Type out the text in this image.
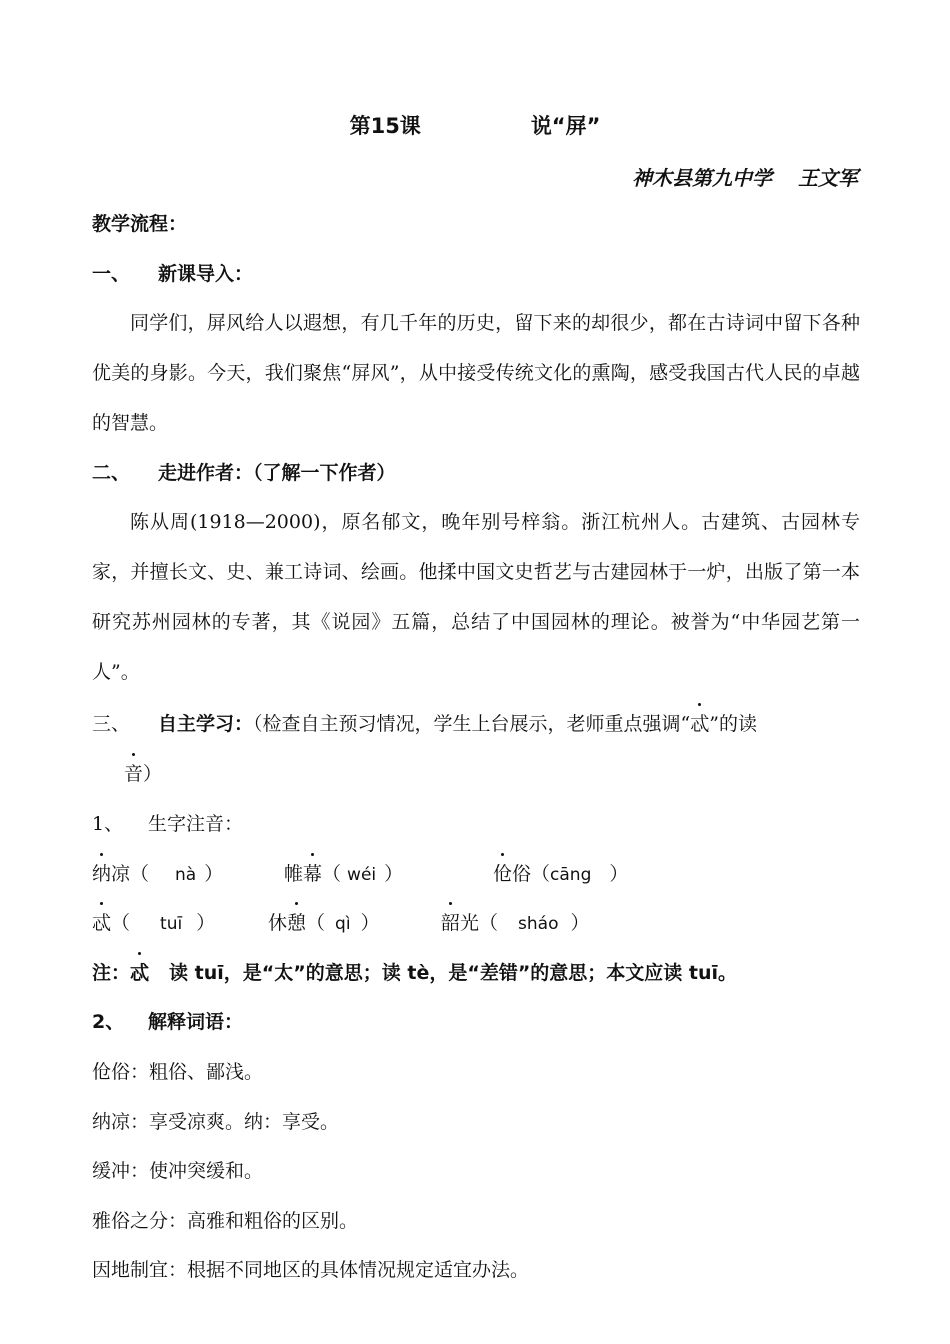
第15课	说“屏”
神木县第九中学 王文军
教学流程：
一、 新课导入：
同学们，屏风给人以遐想，有几千年的历史，留下来的却很少，都在古诗词中留下各种优美的身影。今天，我们聚焦“屏风”，从中接受传统文化的熏陶，感受我国古代人民的卓越的智慧。
二、 走进作者：（了解一下作者）
陈从周(1918—2000)，原名郁文，晚年别号梓翁。浙江杭州人。古建筑、古园林专家，并擅长文、史、兼工诗词、绘画。他揉中国文史哲艺与古建园林于一炉，出版了第一本研究苏州园林的专著，其《说园》五篇，总结了中国园林的理论。被誉为“中华园艺第一人”。
三、 自主学习：（检查自主预习情况，学生上台展示，老师重点强调“忒”的读
音）
1、 生字注音：
纳凉（ nà ）	帷幕（ wéi ）	伧俗（cāng ）
忒（ tuī ）	休憩（ qì ）	韶光（ sháo ）
注：忒 读 tuī，是“太”的意思；读 tè，是“差错”的意思；本文应读 tuī。
2、 解释词语：
伧俗：粗俗、鄙浅。
纳凉：享受凉爽。纳：享受。
缓冲：使冲突缓和。
雅俗之分：高雅和粗俗的区别。
因地制宜：根据不同地区的具体情况规定适宜办法。
